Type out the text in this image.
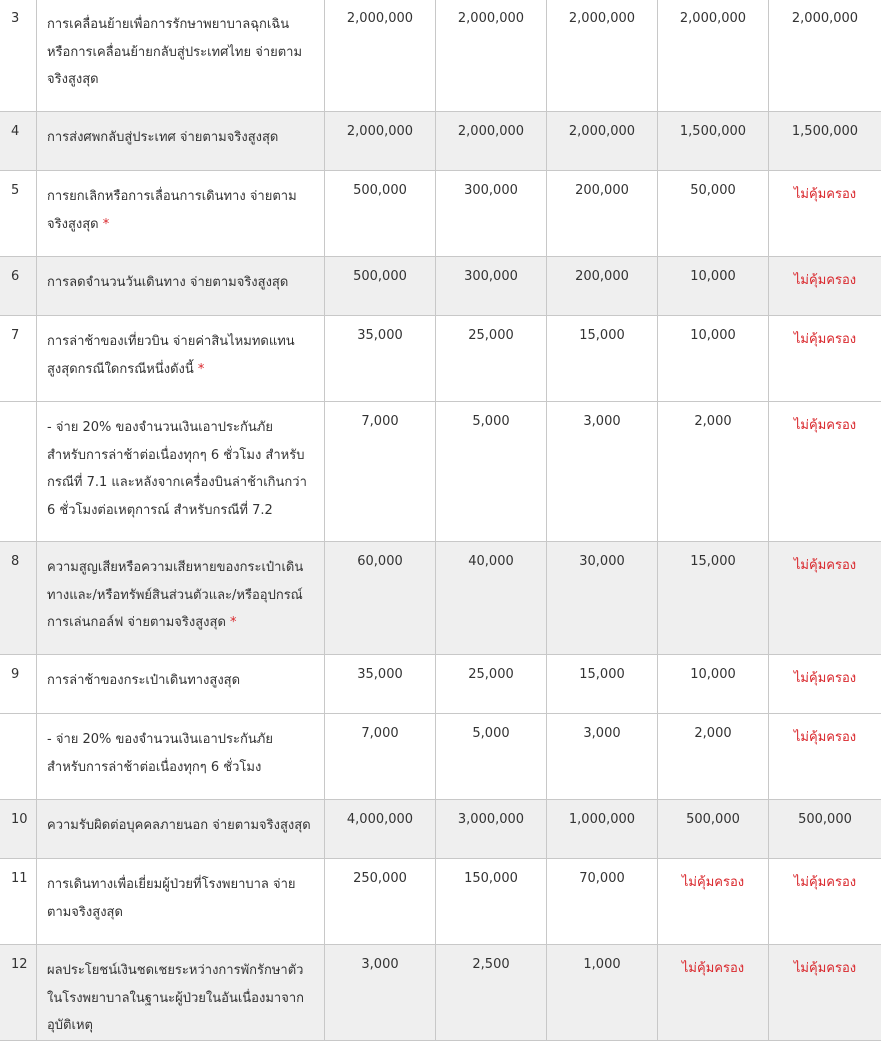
3	การเคลื่อนย้ายเพื่อการรักษาพยาบาลฉุกเฉิน หรือการเคลื่อนย้ายกลับสู่ประเทศไทย จ่ายตามจริงสูงสุด	2,000,000	2,000,000	2,000,000	2,000,000	2,000,000
4	การส่งศพกลับสู่ประเทศ จ่ายตามจริงสูงสุด	2,000,000	2,000,000	2,000,000	1,500,000	1,500,000
5	การยกเลิกหรือการเลื่อนการเดินทาง จ่ายตามจริงสูงสุด *	500,000	300,000	200,000	50,000	ไม่คุ้มครอง
6	การลดจำนวนวันเดินทาง จ่ายตามจริงสูงสุด	500,000	300,000	200,000	10,000	ไม่คุ้มครอง
7	การล่าช้าของเที่ยวบิน จ่ายค่าสินไหมทดแทนสูงสุดกรณีใดกรณีหนึ่งดังนี้ *	35,000	25,000	15,000	10,000	ไม่คุ้มครอง
	- จ่าย 20% ของจำนวนเงินเอาประกันภัย สำหรับการล่าช้าต่อเนื่องทุกๆ 6 ชั่วโมง สำหรับ กรณีที่ 7.1 และหลังจากเครื่องบินล่าช้าเกินกว่า 6 ชั่วโมงต่อเหตุการณ์ สำหรับกรณีที่ 7.2	7,000	5,000	3,000	2,000	ไม่คุ้มครอง
8	ความสูญเสียหรือความเสียหายของกระเป๋าเดินทางและ/หรือทรัพย์สินส่วนตัวและ/หรืออุปกรณ์การเล่นกอล์ฟ จ่ายตามจริงสูงสุด *	60,000	40,000	30,000	15,000	ไม่คุ้มครอง
9	การล่าช้าของกระเป๋าเดินทางสูงสุด	35,000	25,000	15,000	10,000	ไม่คุ้มครอง
	- จ่าย 20% ของจำนวนเงินเอาประกันภัย สำหรับการล่าช้าต่อเนื่องทุกๆ 6 ชั่วโมง	7,000	5,000	3,000	2,000	ไม่คุ้มครอง
10	ความรับผิดต่อบุคคลภายนอก จ่ายตามจริงสูงสุด	4,000,000	3,000,000	1,000,000	500,000	500,000
11	การเดินทางเพื่อเยี่ยมผู้ป่วยที่โรงพยาบาล จ่ายตามจริงสูงสุด	250,000	150,000	70,000	ไม่คุ้มครอง	ไม่คุ้มครอง
12	ผลประโยชน์เงินชดเชยระหว่างการพักรักษาตัวในโรงพยาบาลในฐานะผู้ป่วยในอันเนื่องมาจากอุบัติเหตุ	3,000	2,500	1,000	ไม่คุ้มครอง	ไม่คุ้มครอง
